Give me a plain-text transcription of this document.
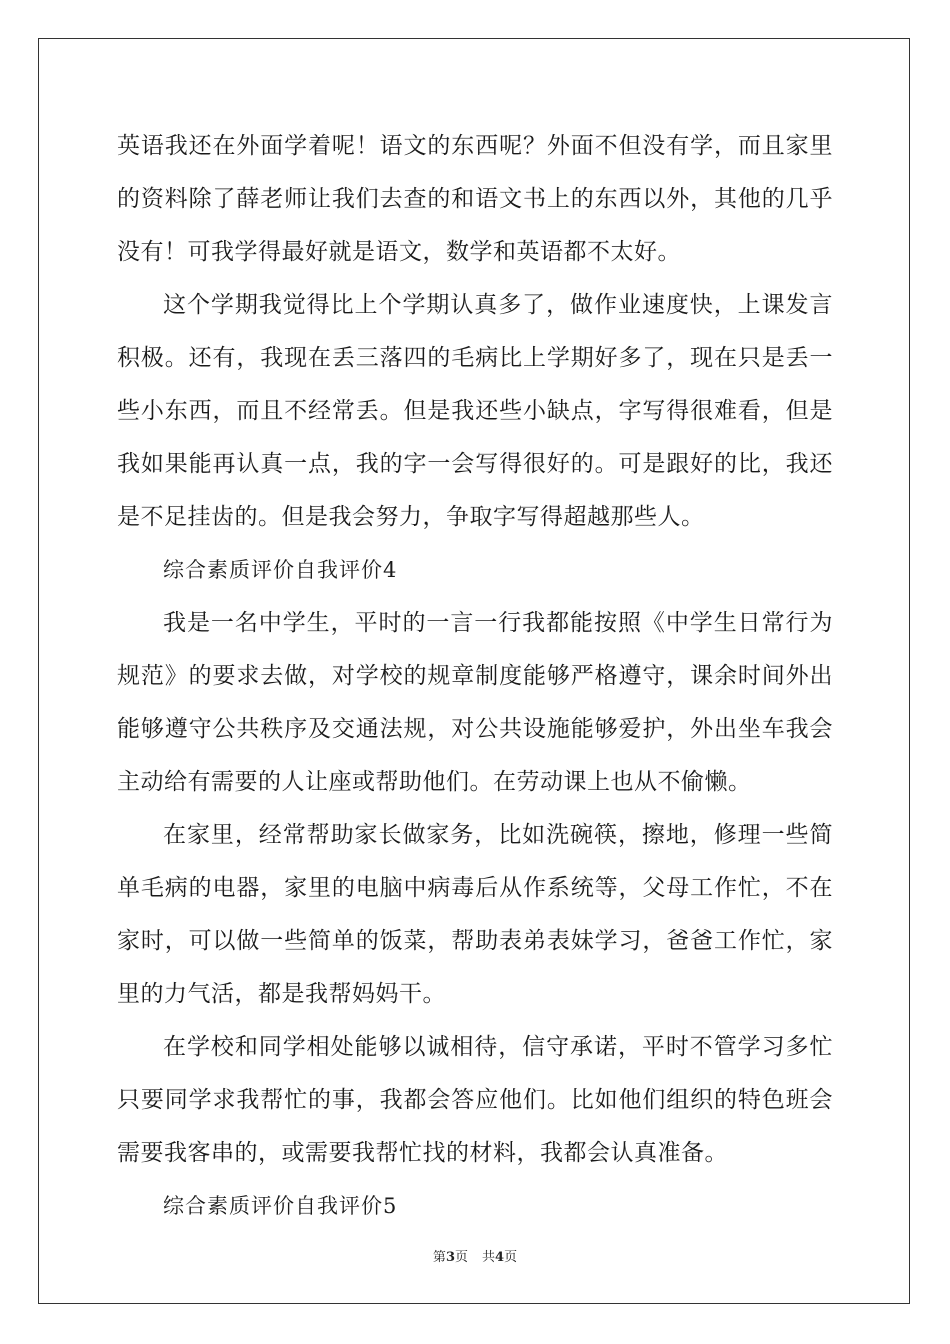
英语我还在外面学着呢！语文的东西呢？外面不但没有学，而且家里的资料除了薛老师让我们去查的和语文书上的东西以外，其他的几乎没有！可我学得最好就是语文，数学和英语都不太好。

这个学期我觉得比上个学期认真多了，做作业速度快，上课发言积极。还有，我现在丢三落四的毛病比上学期好多了，现在只是丢一些小东西，而且不经常丢。但是我还些小缺点，字写得很难看，但是我如果能再认真一点，我的字一会写得很好的。可是跟好的比，我还是不足挂齿的。但是我会努力，争取字写得超越那些人。

综合素质评价自我评价4

我是一名中学生，平时的一言一行我都能按照《中学生日常行为规范》的要求去做，对学校的规章制度能够严格遵守，课余时间外出能够遵守公共秩序及交通法规，对公共设施能够爱护，外出坐车我会主动给有需要的人让座或帮助他们。在劳动课上也从不偷懒。

在家里，经常帮助家长做家务，比如洗碗筷，擦地，修理一些简单毛病的电器，家里的电脑中病毒后从作系统等，父母工作忙，不在家时，可以做一些简单的饭菜，帮助表弟表妹学习，爸爸工作忙，家里的力气活，都是我帮妈妈干。

在学校和同学相处能够以诚相待，信守承诺，平时不管学习多忙只要同学求我帮忙的事，我都会答应他们。比如他们组织的特色班会需要我客串的，或需要我帮忙找的材料，我都会认真准备。

综合素质评价自我评价5

第3页 共4页
